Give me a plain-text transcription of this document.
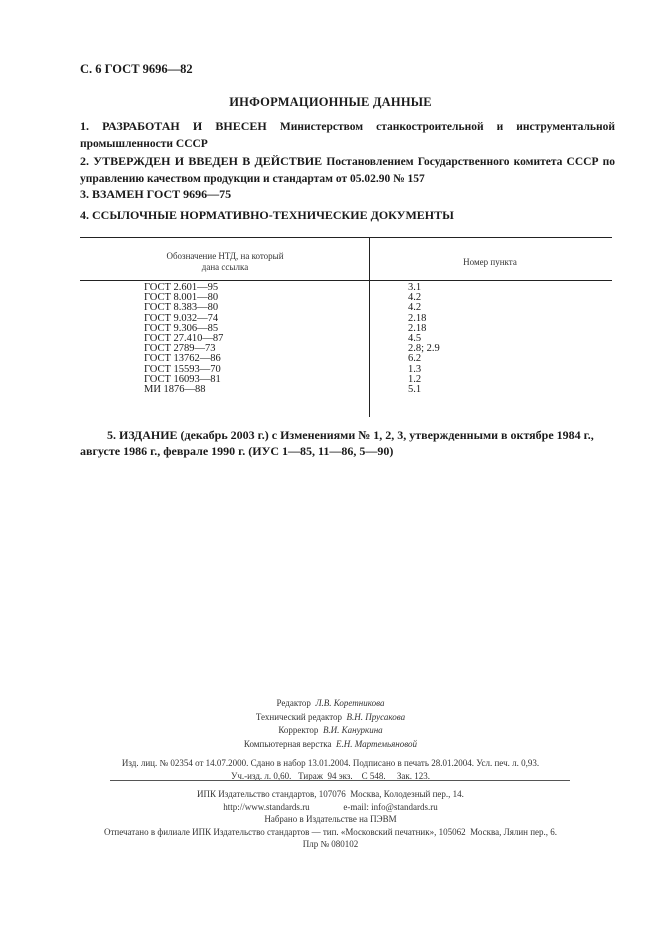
С. 6 ГОСТ 9696—82
ИНФОРМАЦИОННЫЕ ДАННЫЕ
1. РАЗРАБОТАН И ВНЕСЕН Министерством станкостроительной и инструментальной промышленности СССР
2. УТВЕРЖДЕН И ВВЕДЕН В ДЕЙСТВИЕ Постановлением Государственного комитета СССР по управлению качеством продукции и стандартам от 05.02.90 № 157
3. ВЗАМЕН ГОСТ 9696—75
4. ССЫЛОЧНЫЕ НОРМАТИВНО-ТЕХНИЧЕСКИЕ ДОКУМЕНТЫ
Обозначение НТД, на который
дана ссылка	Номер пункта
ГОСТ 2.601—95
ГОСТ 8.001—80
ГОСТ 8.383—80
ГОСТ 9.032—74
ГОСТ 9.306—85
ГОСТ 27.410—87
ГОСТ 2789—73
ГОСТ 13762—86
ГОСТ 15593—70
ГОСТ 16093—81
МИ 1876—88
3.1
4.2
4.2
2.18
2.18
4.5
2.8; 2.9
6.2
1.3
1.2
5.1
5. ИЗДАНИЕ (декабрь 2003 г.) с Изменениями № 1, 2, 3, утвержденными в октябре 1984 г.,
августе 1986 г., феврале 1990 г. (ИУС 1—85, 11—86, 5—90)
Редактор Л.В. Коретникова
Технический редактор В.Н. Прусакова
Корректор В.И. Кануркина
Компьютерная верстка Е.Н. Мартемьяновой
Изд. лиц. № 02354 от 14.07.2000. Сдано в набор 13.01.2004. Подписано в печать 28.01.2004. Усл. печ. л. 0,93.
Уч.-изд. л. 0,60.   Тираж  94 экз.    С 548.     Зак. 123.
ИПК Издательство стандартов, 107076  Москва, Колодезный пер., 14.
http://www.standards.ru               e-mail: info@standards.ru
Набрано в Издательстве на ПЭВМ
Отпечатано в филиале ИПК Издательство стандартов — тип. «Московский печатник», 105062  Москва, Лялин пер., 6.
Плр № 080102
